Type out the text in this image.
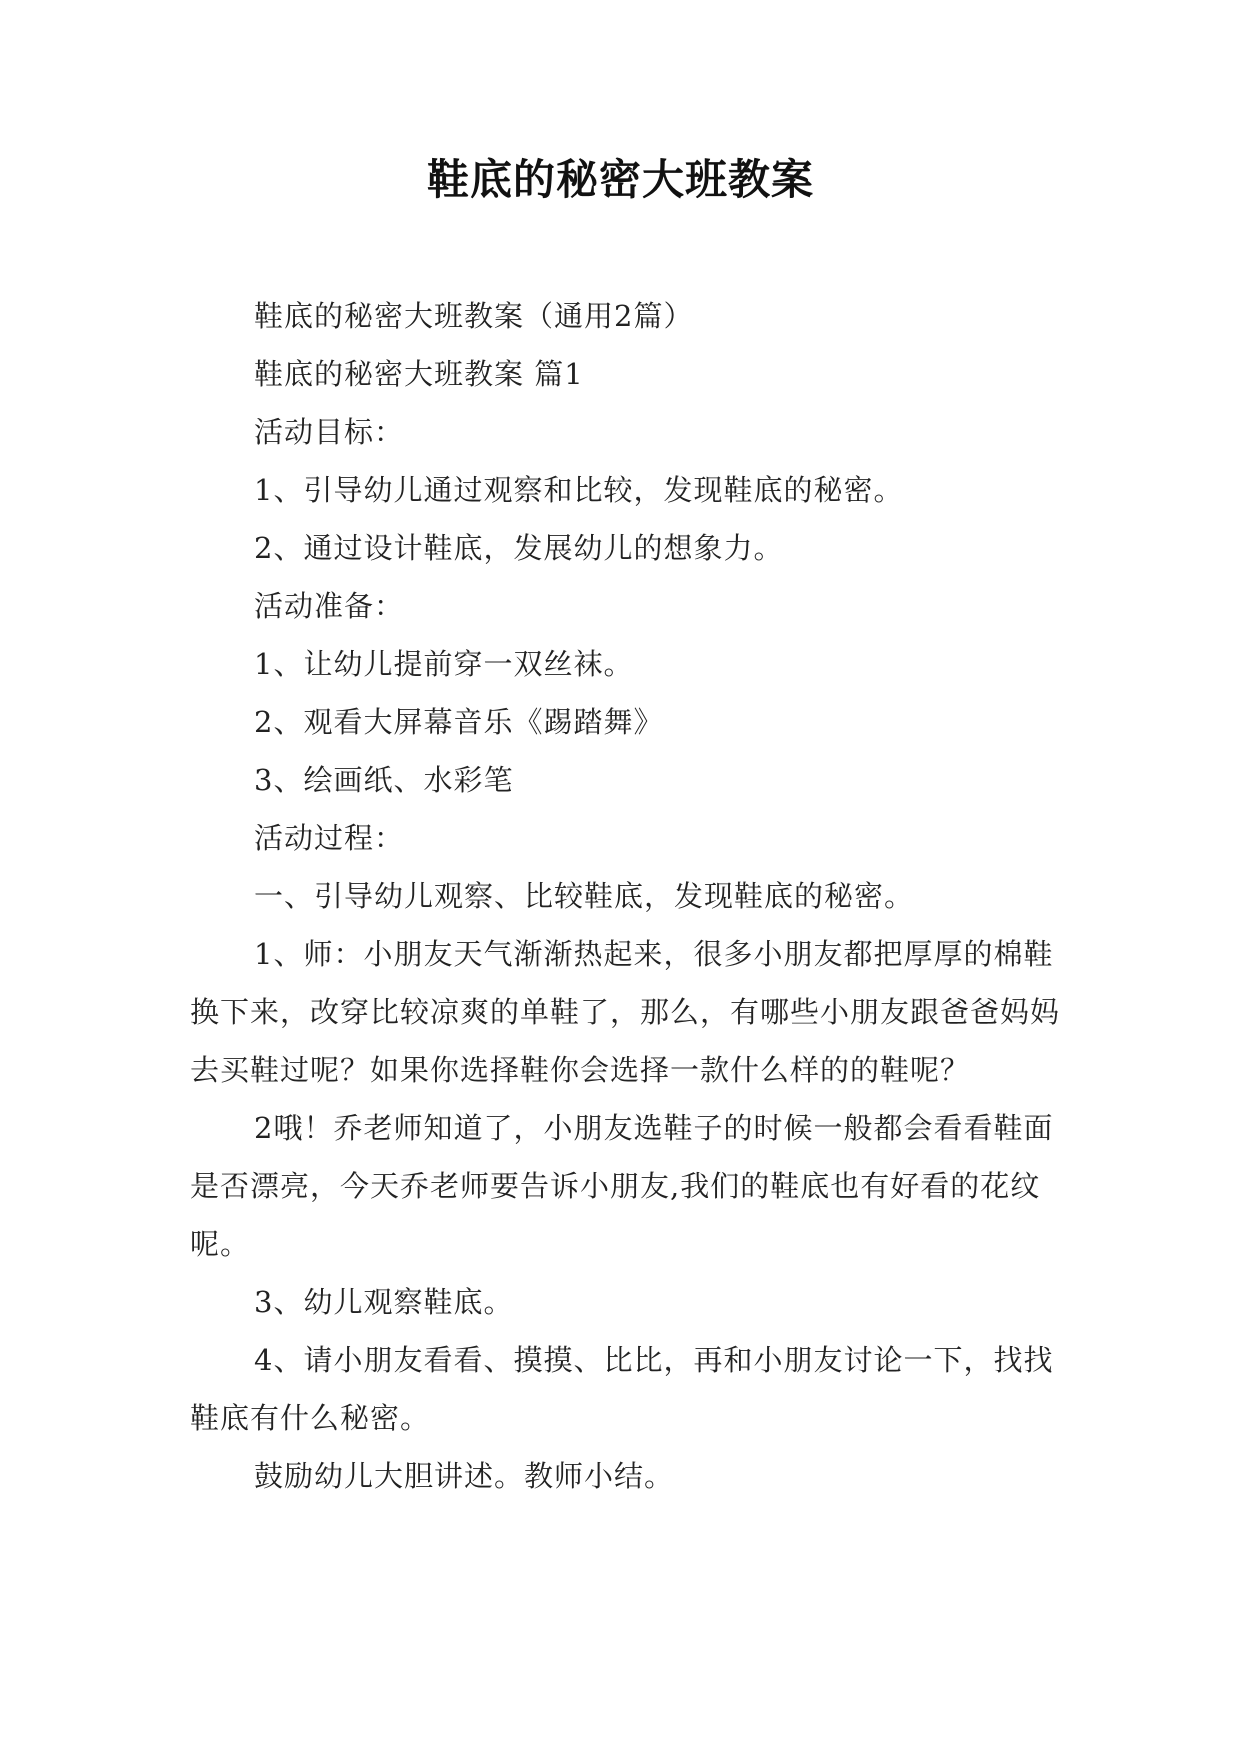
鞋底的秘密大班教案

鞋底的秘密大班教案（通用2篇）

鞋底的秘密大班教案 篇1

活动目标：

1、引导幼儿通过观察和比较，发现鞋底的秘密。

2、通过设计鞋底，发展幼儿的想象力。

活动准备：

1、让幼儿提前穿一双丝袜。

2、观看大屏幕音乐《踢踏舞》

3、绘画纸、水彩笔

活动过程：

一、引导幼儿观察、比较鞋底，发现鞋底的秘密。

1、师：小朋友天气渐渐热起来，很多小朋友都把厚厚的棉鞋换下来，改穿比较凉爽的单鞋了，那么，有哪些小朋友跟爸爸妈妈去买鞋过呢？如果你选择鞋你会选择一款什么样的的鞋呢？

2哦！乔老师知道了，小朋友选鞋子的时候一般都会看看鞋面是否漂亮，今天乔老师要告诉小朋友,我们的鞋底也有好看的花纹呢。

3、幼儿观察鞋底。

4、请小朋友看看、摸摸、比比，再和小朋友讨论一下，找找鞋底有什么秘密。

鼓励幼儿大胆讲述。教师小结。
